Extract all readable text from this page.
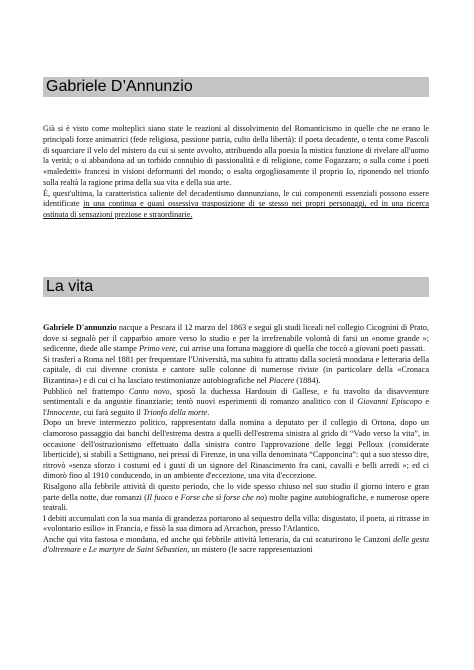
Gabriele D’Annunzio

Già si è visto come molteplici siano state le reazioni al dissolvimento del Romanticismo in quelle che ne erano le principali forze animatrici (fede religiosa, passione patria, culto della libertà): il poeta decadente, o tenta come Pascoli di squarciare il velo del mistero da cui si sente avvolto, attribuendo alla poesia la mistica funzione di rivelare all'uomo la verità; o si abbandona ad un torbido connubio di passionalità e di religione, come Fogazzaro; o sulla come i poeti «maledetti» francesi in visioni deformanti del mondo; o esalta orgogliosamente il proprio Io, riponendo nel trionfo sulla realtà la ragione prima della sua vita e della sua arte.

È, quest'ultima, la caratteristica saliente del decadentismo dannunziano, le cui componenti essenziali possono essere identificate in una continua e quasi ossessiva trasposizione di se stesso nei propri personaggi, ed in una ricerca ostinata di sensazioni preziose e straordinarie.

La vita

Gabriele D'annunzio nacque a Pescara il 12 marzo del 1863 e seguì gli studi liceali nel collegio Cicognini di Prato, dove si segnalò per il capparbio amore verso lo studio e per la irrefrenabile volontà di farsi un «nome grande »; sedicenne, diede alle stampe Primo vere, cui arrise una fortuna maggiore di quella che toccò a giovani poeti passati.

Si trasferì a Roma nel 1881 per frequentare l'Università, ma subito fu attratto dalla società mondana e letteraria della capitale, di cui divenne cronista e cantore sulle colonne di numerose riviste (in particolare della «Cronaca Bizantina») e di cui ci ha lasciato testimonianze autobiografiche nel Piacere (1884).

Pubblicò nel frattempo Canto novo, sposò la duchessa Hardouin di Gallese, e fu travolto da disavventure sentimentali e da angustie finanziarie; tentò nuovi esperimenti di romanzo analitico con il Giovanni Episcopo e l'Innocente, cui farà seguito il Trionfo della morte.

Dopo un breve intermezzo politico, rappresentato dalla nomina a deputato per il collegio di Ortona, dopo un clamoroso passaggio dai banchi dell'estrema destra a quelli dell'estrema sinistra al grido di “Vado verso la vita”, in occasione dell'ostruzionismo effettuato dalla sinistra contro l'approvazione delle leggi Pelloux (considerate liberticide), si stabilì a Settignano, nei pressi di Firenze, in una villa denominata “Capponcina”: qui a suo stesso dire, ritrovò «senza sforzo i costumi ed i gusti di un signore del Rinascimento fra cani, cavalli e belli arredi »; ed ci dimorò fino al 1910 conducendo, in un ambiente d'eccezione, una vita d'eccezione.

Risalgono alla febbrile attività di questo periodo, che lo vide spesso chiuso nel suo studio il giorno intero e gran parte della notte, due romanzi (Il fuoco e Forse che sì forse che no) molte pagine autobiografiche, e numerose opere teatrali.

I debiti accumulati con la sua mania di grandezza portarono al sequestro della villa: disgustato, il poeta, ai ritrasse in «volontario esilio» in Francia, e fissò la sua dimora ad Arcachon, presso l'Atlantico.

Anche qui vita fastosa e mondana, ed anche qui febbrile attività letteraria, da cui scaturirono le Canzoni delle gesta d'oltremare e Le martyre de Saint Sébastien, un mistero (le sacre rappresentazioni
